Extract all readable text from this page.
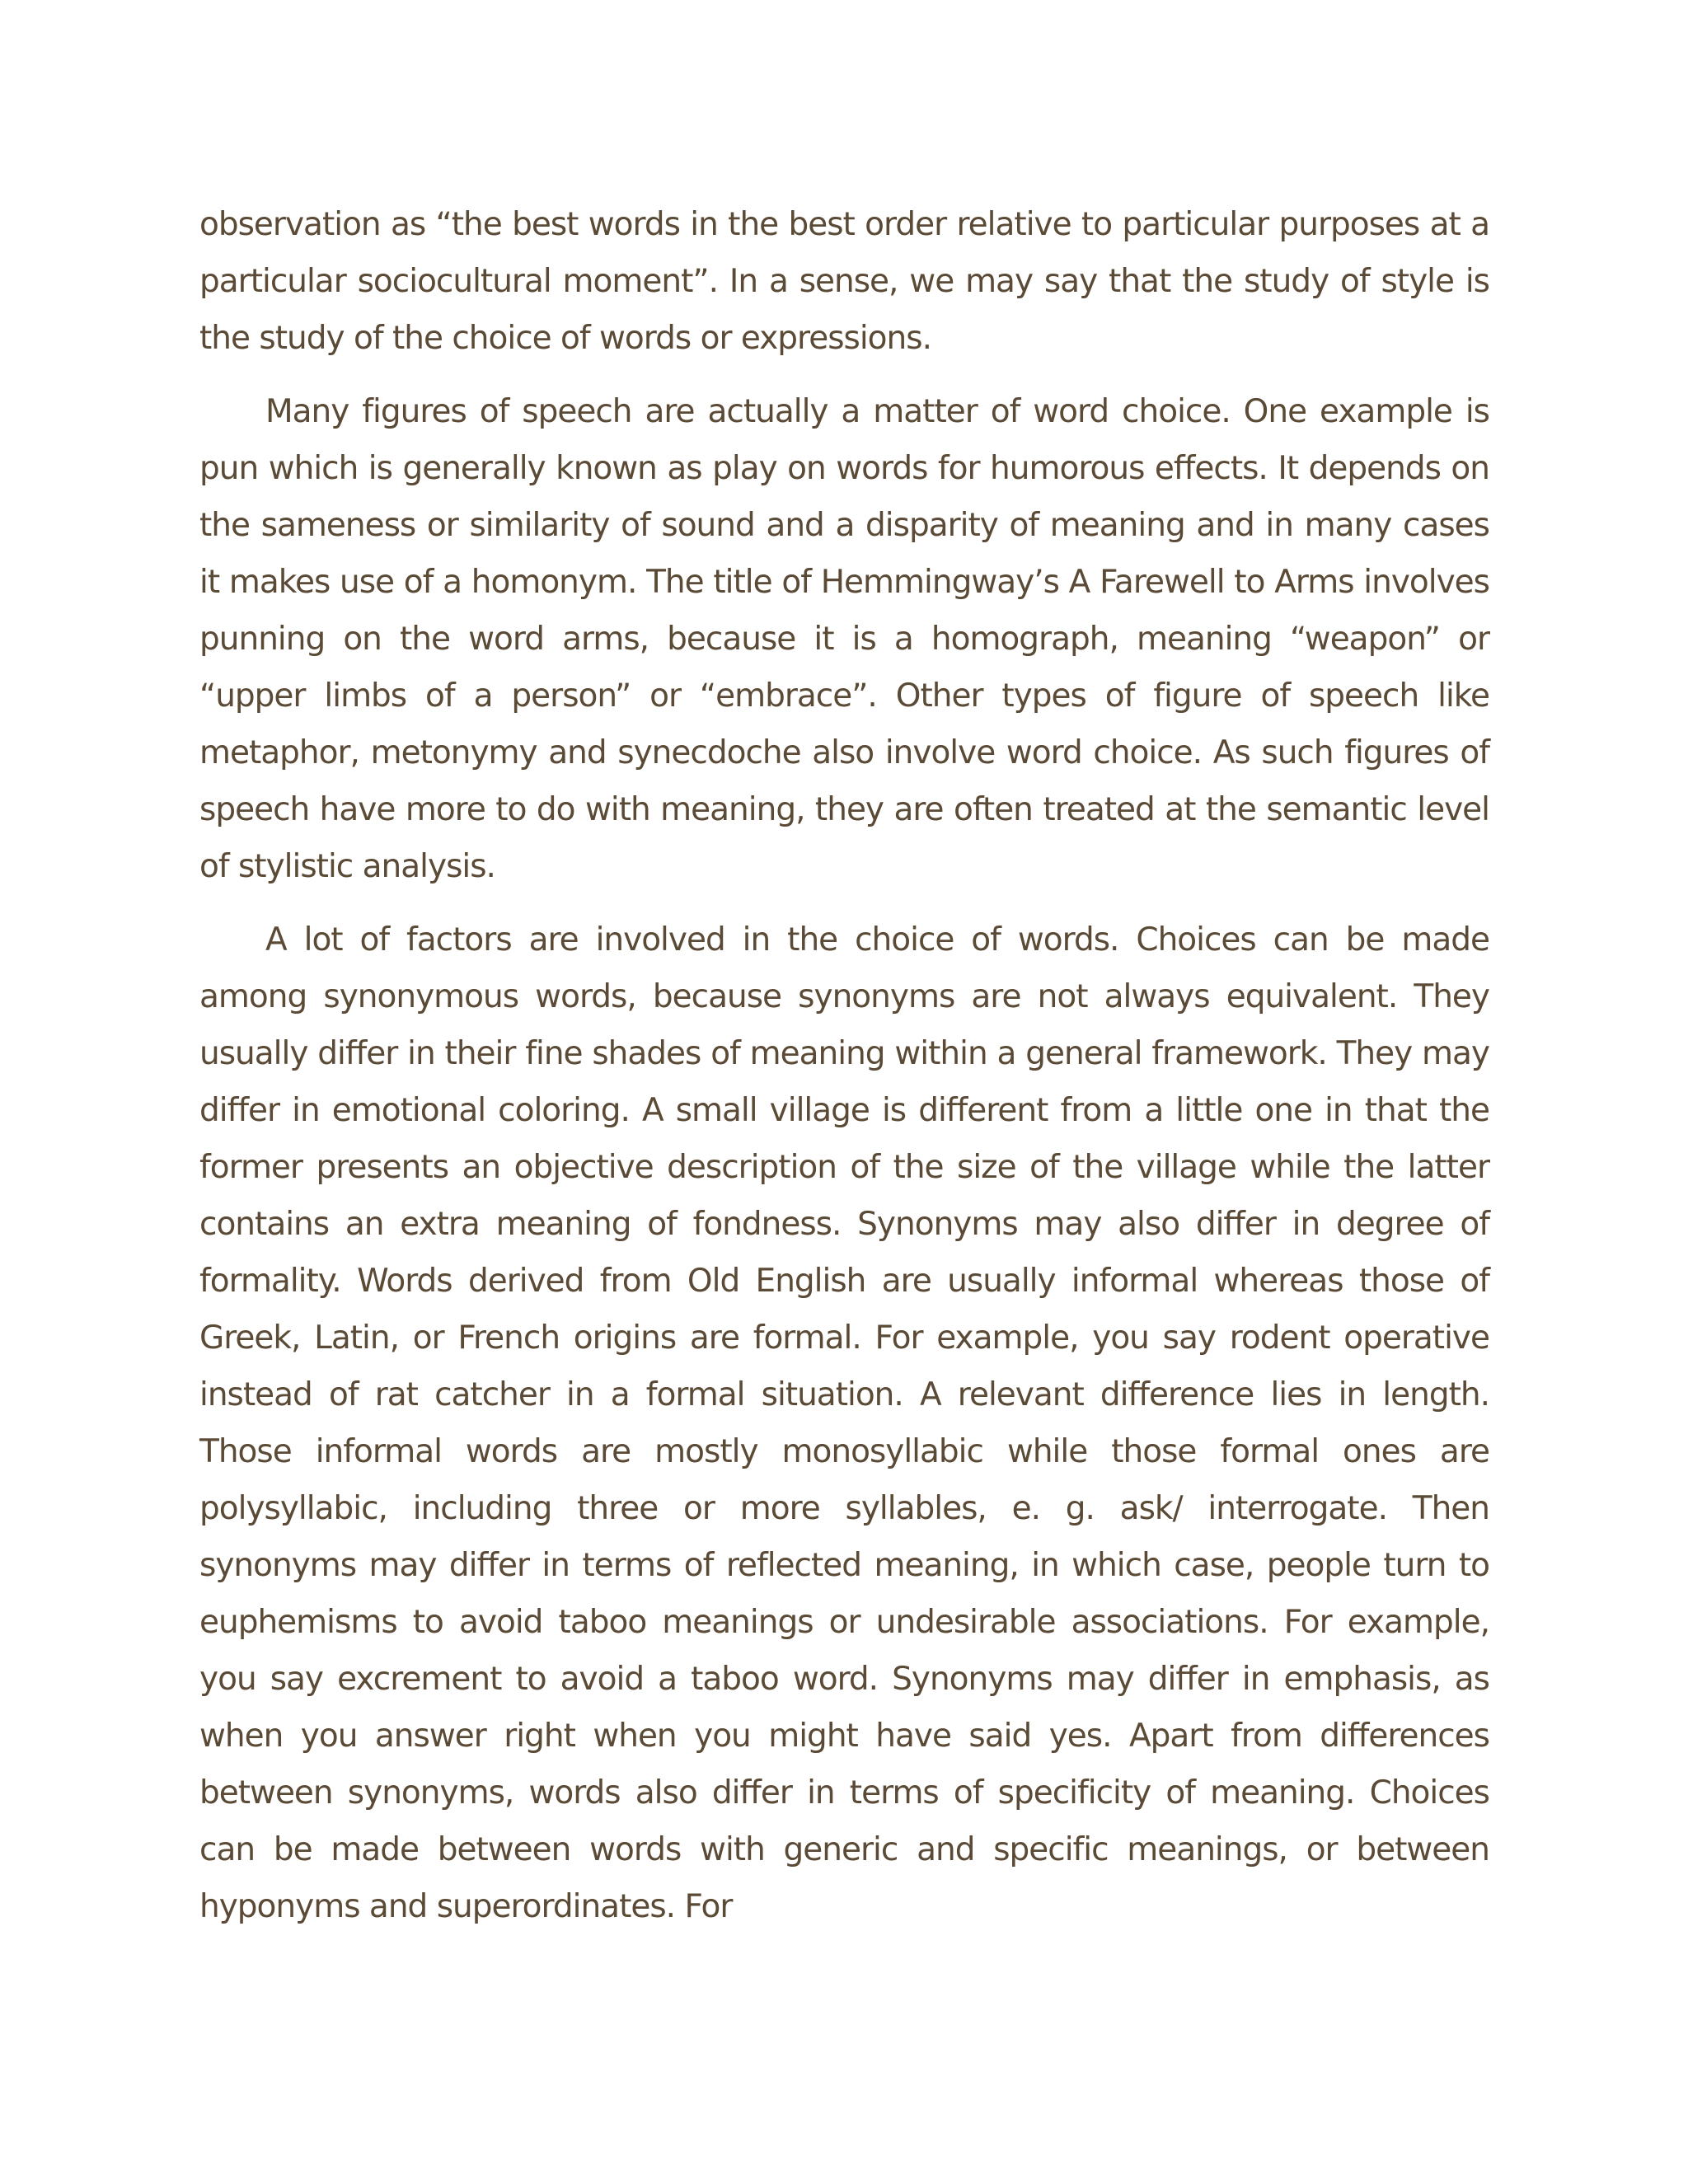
observation as “the best words in the best order relative to particular purposes at a particular sociocultural moment”. In a sense, we may say that the study of style is the study of the choice of words or expressions.

Many figures of speech are actually a matter of word choice. One example is pun which is generally known as play on words for humorous effects. It depends on the sameness or similarity of sound and a disparity of meaning and in many cases it makes use of a homonym. The title of Hemmingway’s A Farewell to Arms involves punning on the word arms, because it is a homograph, meaning “weapon” or “upper limbs of a person” or “embrace”. Other types of figure of speech like metaphor, metonymy and synecdoche also involve word choice. As such figures of speech have more to do with meaning, they are often treated at the semantic level of stylistic analysis.

A lot of factors are involved in the choice of words. Choices can be made among synonymous words, because synonyms are not always equivalent. They usually differ in their fine shades of meaning within a general framework. They may differ in emotional coloring. A small village is different from a little one in that the former presents an objective description of the size of the village while the latter contains an extra meaning of fondness. Synonyms may also differ in degree of formality. Words derived from Old English are usually informal whereas those of Greek, Latin, or French origins are formal. For example, you say rodent operative instead of rat catcher in a formal situation. A relevant difference lies in length. Those informal words are mostly monosyllabic while those formal ones are polysyllabic, including three or more syllables, e. g. ask/ interrogate. Then synonyms may differ in terms of reflected meaning, in which case, people turn to euphemisms to avoid taboo meanings or undesirable associations. For example, you say excrement to avoid a taboo word. Synonyms may differ in emphasis, as when you answer right when you might have said yes. Apart from differences between synonyms, words also differ in terms of specificity of meaning. Choices can be made between words with generic and specific meanings, or between hyponyms and superordinates. For
